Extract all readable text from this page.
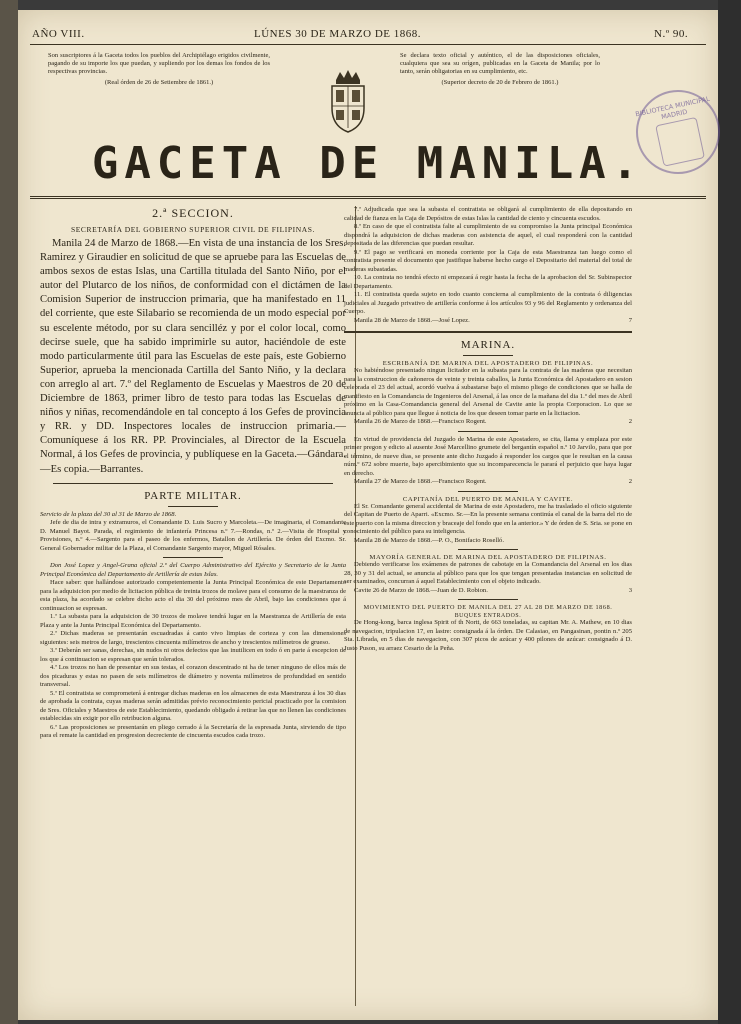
AÑO VIII.	LÚNES 30 DE MARZO DE 1868.	N.º 90.
Son suscriptores á la Gaceta todos los pueblos del Archipiélago erigidos civilmente, pagando de su importe los que puedan, y supliendo por los demas los fondos de los respectivas provincias.
(Real órden de 26 de Setiembre de 1861.)
Se declara texto oficial y auténtico, el de las disposiciones oficiales, cualquiera que sea su orígen, publicadas en la Gaceta de Manila; por lo tanto, serán obligatorias en su cumplimiento, etc.
(Superior decreto de 20 de Febrero de 1861.)
BIBLIOTECA MUNICIPAL MADRID
GACETA DE MANILA.
2.ª SECCION.
SECRETARÍA DEL GOBIERNO SUPERIOR CIVIL DE FILIPINAS.

Manila 24 de Marzo de 1868.—En vista de una instancia de los Sres. Ramirez y Giraudier en solicitud de que se apruebe para las Escuelas de ambos sexos de estas Islas, una Cartilla titulada del Santo Niño, por el autor del Plutarco de los niños, de conformidad con el dictámen de la Comision Superior de instruccion primaria, que ha manifestado en 11 del corriente, que este Silabario se recomienda de un modo especial por su escelente método, por su clara sencilléz y por el color local, como decirse suele, que ha sabido imprimirle su autor, haciéndole de este modo particularmente útil para las Escuelas de este país, este Gobierno Superior, aprueba la mencionada Cartilla del Santo Niño, y la declara con arreglo al art. 7.º del Reglamento de Escuelas y Maestros de 20 de Diciembre de 1863, primer libro de testo para todas las Escuelas de niños y niñas, recomendándole en tal concepto á los Gefes de provincia y RR. y DD. Inspectores locales de instruccion primaria.—Comuníquese á los RR. PP. Provinciales, al Director de la Escuela Normal, á los Gefes de provincia, y publíquese en la Gaceta.—Gándara.—Es copia.—Barrantes.

PARTE MILITAR.

Servicio de la plaza del 30 al 31 de Marzo de 1868.

Jefe de dia de intra y extramuros, el Comandante D. Luis Sucro y Marcoleta.—De imaginaria, el Comandante D. Manuel Bayot. Parada, el regimiento de infantería Princesa n.º 7.—Rondas, n.º 2.—Visita de Hospital y Provisiones, n.º 4.—Sargento para el paseo de los enfermos, Batallon de Artillería. De órden del Excmo. Sr. General Gobernador militar de la Plaza, el Comandante Sargento mayor, Miguel Rósales.

Don José Lopez y Angel-Grana oficial 2.º del Cuerpo Administrativo del Ejército y Secretario de la Junta Principal Económica del Departamento de Artillería de estas Islas.

Hace saber: que hallándose autorizado competentemente la Junta Principal Económica de este Departamento para la adquisicion por medio de licitacion pública de treinta trozos de molave para el consumo de la maestranza de esta plaza, ha acordado se celebre dicho acto el dia 30 del próximo mes de Abril, bajo las condiciones que á continuacion se espresan.

1.ª La subasta para la adquisicion de 30 trozos de molave tendrá lugar en la Maestranza de Artillería de esta Plaza y ante la Junta Principal Económica del Departamento.

2.ª Dichas maderas se presentarán escuadradas á canto vivo limpias de corteza y con las dimensiones siguientes: seis metros de largo, trescientos cincuenta milímetros de ancho y trescientos milímetros de grueso.

3.ª Deberán ser sanas, derechas, sin nudos ni otros defectos que las inutilicen en todo ó en parte á escepcion de los que á continuacion se espresan que serán tolerados.

4.ª Los trozos no han de presentar en sus testas, el corazon descentrado ni ha de tener ninguno de ellos más de dos picaduras y estas no pasen de seis milímetros de diámetro y noventa milímetros de profundidad en sentido transversal.

5.ª El contratista se comprometerá á entregar dichas maderas en los almacenes de esta Maestranza á los 30 dias de aprobada la contrata, cuyas maderas serán admitidas prévio reconocimiento pericial practicado por la comision de Sres. Oficiales y Maestros de este Establecimiento, quedando obligado á retirar las que no llenen las condiciones establecidas sin exigir por ello retribucion alguna.

6.ª Las proposiciones se presentarán en pliego cerrado á la Secretaría de la espresada Junta, sirviendo de tipo para el remate la cantidad en progresion decreciente de cincuenta escudos cada trozo.

7.ª Adjudicada que sea la subasta el contratista se obligará al cumplimiento de ella depositando en calidad de fianza en la Caja de Depósitos de estas Islas la cantidad de ciento y cincuenta escudos.

8.ª En caso de que el contratista falte al cumplimiento de su compromiso la Junta principal Económica dispondrá la adquisicion de dichas maderas con asistencia de aquel, el cual responderá con la cantidad depositada de las diferencias que puedan resultar.

9.ª El pago se verificará en moneda corriente por la Caja de esta Maestranza tan luego como el contratista presente el documento que justifique haberse hecho cargo el Depositario del material del total de maderas subastadas.

10. La contrata no tendrá efecto ni empezará á regir hasta la fecha de la aprobacion del Sr. Subinspector del Departamento.

11. El contratista queda sujeto en todo cuanto concierna al cumplimiento de la contrata ó diligencias judiciales al Juzgado privativo de artillería conforme á los artículos 93 y 96 del Reglamento y ordenanza del Cuerpo.

Manila 28 de Marzo de 1868.—José Lopez.	7

MARINA.
ESCRIBANÍA DE MARINA DEL APOSTADERO DE FILIPINAS.

No habiéndose presentado ningun licitador en la subasta para la contrata de las maderas que necesitan para la construccion de cañoneros de veinte y treinta caballos, la Junta Económica del Apostadero en sesion celebrada el 23 del actual, acordó vuelva á subastarse bajo el mismo pliego de condiciones que se halla de manifiesto en la Comandancia de Ingenieros del Arsenal, á las once de la mañana del dia 1.º del mes de Abril próximo en la Casa-Comandancia general del Arsenal de Cavite ante la propia Corporacion. Lo que se anuncia al público para que llegue á noticia de los que deseen tomar parte en la licitacion.

Manila 26 de Marzo de 1868.—Francisco Rogent.	2

En virtud de providencia del Juzgado de Marina de este Apostadero, se cita, llama y emplaza por este primer pregon y edicto al ausente José Marcellino grumete del bergantín español n.º 10 Jarvilo, para que por el término, de nueve dias, se presente ante dicho Juzgado á responder los cargos que le resultan en la causa núm.º 672 sobre muerte, bajo apercibimiento que su incomparecencia le parará el perjuicio que haya lugar en derecho.

Manila 27 de Marzo de 1868.—Francisco Rogent.	2

CAPITANÍA DEL PUERTO DE MANILA Y CAVITE.

El Sr. Comandante general accidental de Marina de este Apostadero, me ha trasladado el oficio siguiente del Capitan de Puerto de Aparri. «Excmo. Sr.—En la presente semana continúa el canal de la barra del rio de este puerto con la misma direccion y braceaje del fondo que en la anterior.» Y de órden de S. Sria. se pone en conocimiento del público para su inteligencia.

Manila 28 de Marzo de 1868.—P. O., Bonifacio Roselló.

MAYORÍA GENERAL DE MARINA DEL APOSTADERO DE FILIPINAS.

Debiendo verificarse los exámenes de patrones de cabotaje en la Comandancia del Arsenal en los dias 28, 30 y 31 del actual, se anuncia al público para que los que tengan presentadas instancias en solicitud de ser examinados, concurran á aquel Establecimiento con el objeto indicado.

Cavite 26 de Marzo de 1868.—Juan de D. Robion.	3

MOVIMIENTO DEL PUERTO DE MANILA DEL 27 AL 28 DE MARZO DE 1868.
BUQUES ENTRADOS.

De Hong-kong, barca inglesa Spirit of th Nortt, de 663 toneladas, su capitan Mr. A. Mathew, en 10 dias de navegacion, tripulacion 17, en lastre: consignada á la órden. De Calasiao, en Pangasinan, pontin n.º 205 Sta. Librada, en 5 dias de navegacion, con 307 picos de azúcar y 400 pilones de azúcar: consignado á D. Justo Puson, su arraez Cesario de la Peña.
